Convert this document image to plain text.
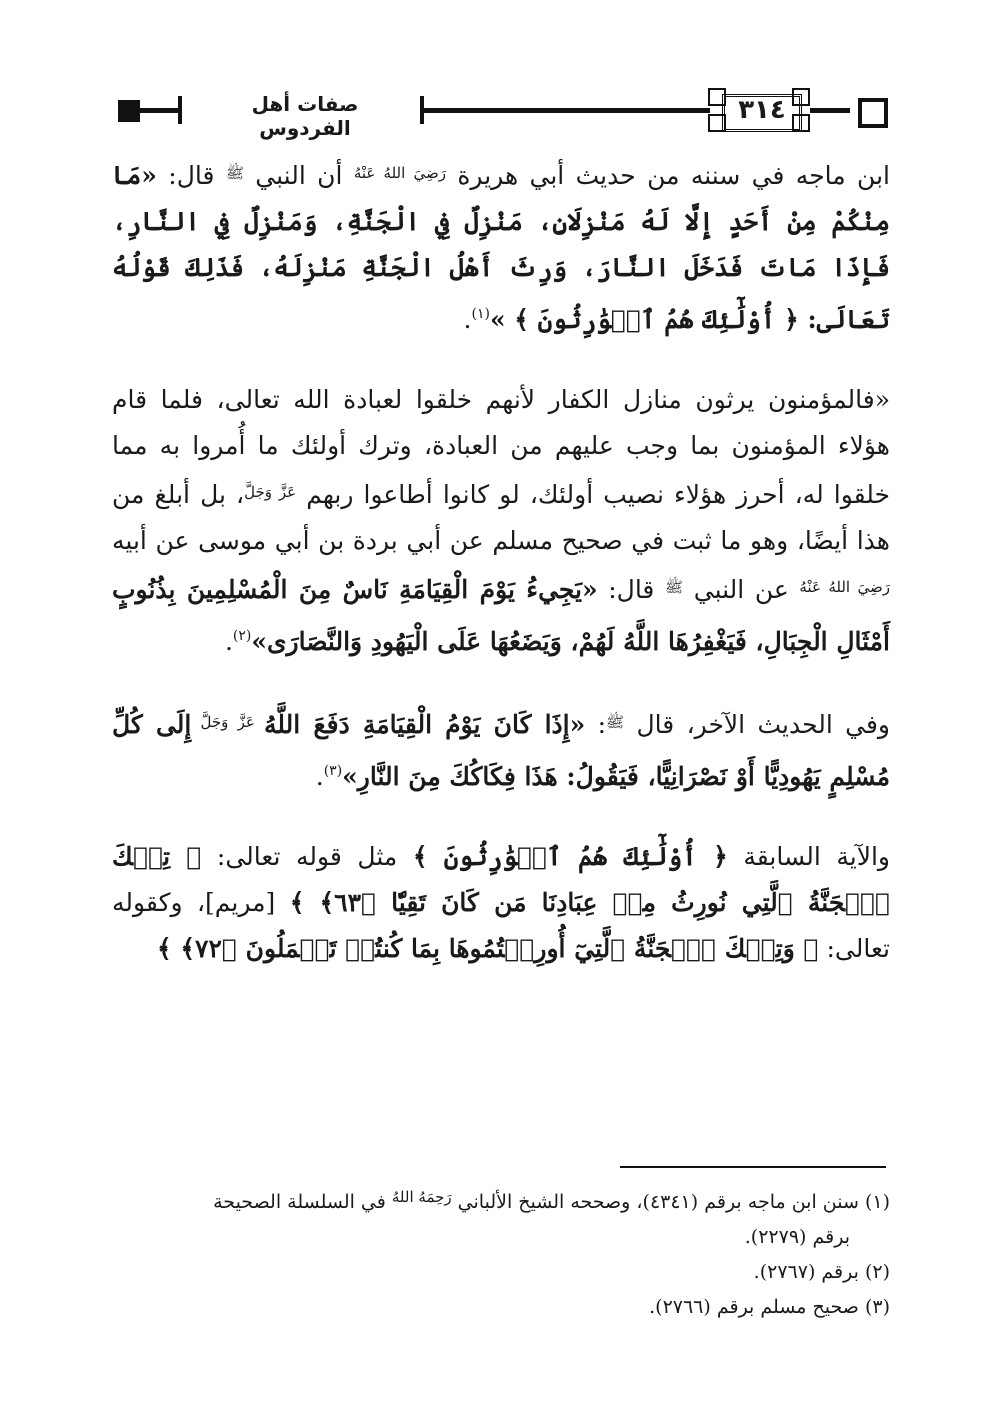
صفات أهل الفردوس
٣١٤

ابن ماجه في سننه من حديث أبي هريرة $^{رَضِيَ اللهُ عَنْهُ}$ أن النبي $^ﷺ$ قال: «مَا مِنْكُمْ مِنْ أَحَدٍ إِلَّا لَهُ مَنْزِلَانِ، مَنْزِلٌ فِي الْجَنَّةِ، وَمَنْزِلٌ فِي النَّارِ، فَإِذَا مَاتَ فَدَخَلَ النَّارَ، وَرِثَ أَهْلُ الْجَنَّةِ مَنْزِلَهُ، فَذَلِكَ قَوْلُهُ تَعَالَى: ﴿ أُوْلَٰٓئِكَ هُمُ ٱلۡوَٰرِثُونَ ﴾ »$^{(١)}$.

«فالمؤمنون يرثون منازل الكفار لأنهم خلقوا لعبادة الله تعالى، فلما قام هؤلاء المؤمنون بما وجب عليهم من العبادة، وترك أولئك ما أُمروا به مما خلقوا له، أحرز هؤلاء نصيب أولئك، لو كانوا أطاعوا ربهم $^{عَزَّ وَجَلَّ}$، بل أبلغ من هذا أيضًا، وهو ما ثبت في صحيح مسلم عن أبي بردة بن أبي موسى عن أبيه $^{رَضِيَ اللهُ عَنْهُ}$ عن النبي $^ﷺ$ قال: «يَجِيءُ يَوْمَ الْقِيَامَةِ نَاسٌ مِنَ الْمُسْلِمِينَ بِذُنُوبٍ أَمْثَالِ الْجِبَالِ، فَيَغْفِرُهَا اللَّهُ لَهُمْ، وَيَضَعُهَا عَلَى الْيَهُودِ وَالنَّصَارَى»$^{(٢)}$.

وفي الحديث الآخر، قال $^ﷺ$: «إِذَا كَانَ يَوْمُ الْقِيَامَةِ دَفَعَ اللَّهُ $^{عَزَّ وَجَلَّ}$ إِلَى كُلِّ مُسْلِمٍ يَهُودِيًّا أَوْ نَصْرَانِيًّا، فَيَقُولُ: هَذَا فِكَاكُكَ مِنَ النَّارِ»$^{(٣)}$.

والآية السابقة ﴿ أُوْلَٰٓئِكَ هُمُ ٱلۡوَٰرِثُونَ ﴾ مثل قوله تعالى: ﴿ تِلۡكَ ٱلۡجَنَّةُ ٱلَّتِي نُورِثُ مِنۡ عِبَادِنَا مَن كَانَ تَقِيّٗا ﴿٦٣﴾ ﴾ [مريم]، وكقوله تعالى: ﴿ وَتِلۡكَ ٱلۡجَنَّةُ ٱلَّتِيٓ أُورِثۡتُمُوهَا بِمَا كُنتُمۡ تَعۡمَلُونَ ﴿٧٢﴾ ﴾

(١) سنن ابن ماجه برقم (٤٣٤١)، وصححه الشيخ الألباني $^{رَحِمَهُ اللهُ}$ في السلسلة الصحيحة
برقم (٢٢٧٩).

(٢) برقم (٢٧٦٧).

(٣) صحيح مسلم برقم (٢٧٦٦).
